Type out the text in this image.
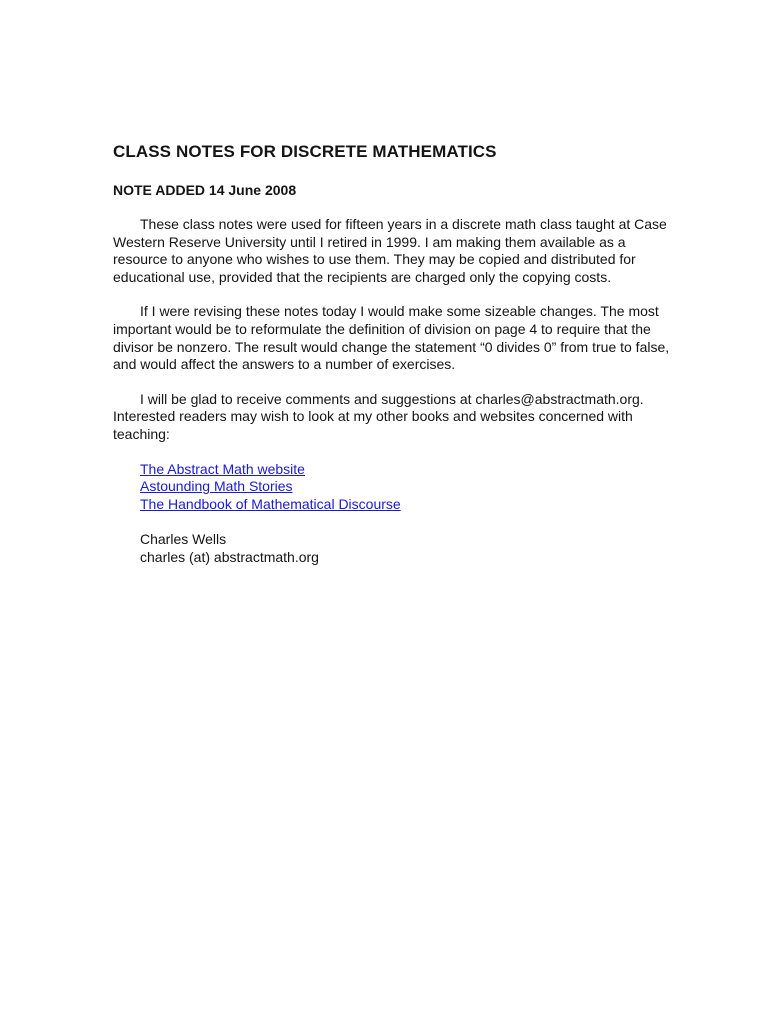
CLASS NOTES FOR DISCRETE MATHEMATICS
NOTE ADDED 14 June 2008

These class notes were used for fifteen years in a discrete math class taught at Case Western Reserve University until I retired in 1999. I am making them available as a resource to anyone who wishes to use them. They may be copied and distributed for educational use, provided that the recipients are charged only the copying costs.

If I were revising these notes today I would make some sizeable changes. The most important would be to reformulate the definition of division on page 4 to require that the divisor be nonzero. The result would change the statement “0 divides 0” from true to false, and would affect the answers to a number of exercises.

I will be glad to receive comments and suggestions at charles@abstractmath.org. Interested readers may wish to look at my other books and websites concerned with teaching:

The Abstract Math website
Astounding Math Stories
The Handbook of Mathematical Discourse
Charles Wells
charles (at) abstractmath.org
